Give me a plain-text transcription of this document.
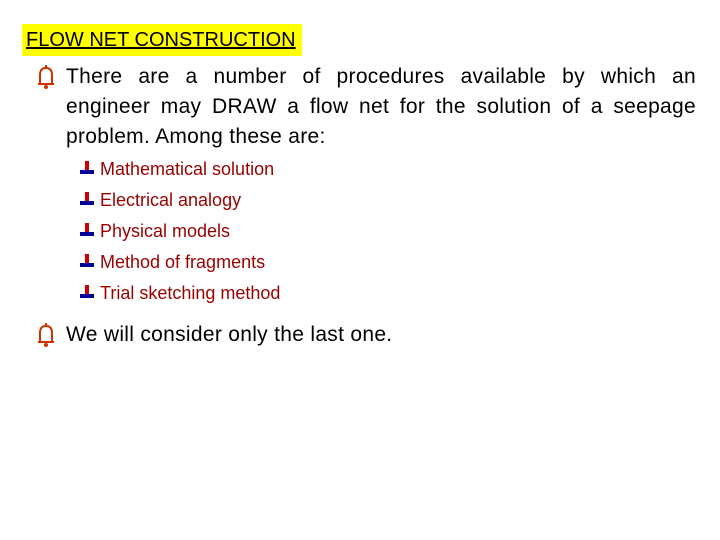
FLOW NET CONSTRUCTION
There are a number of procedures available by which an engineer may DRAW a flow net for the solution of a seepage problem. Among these are:
Mathematical solution
Electrical analogy
Physical models
Method of fragments
Trial sketching method
We will consider only the last one.
